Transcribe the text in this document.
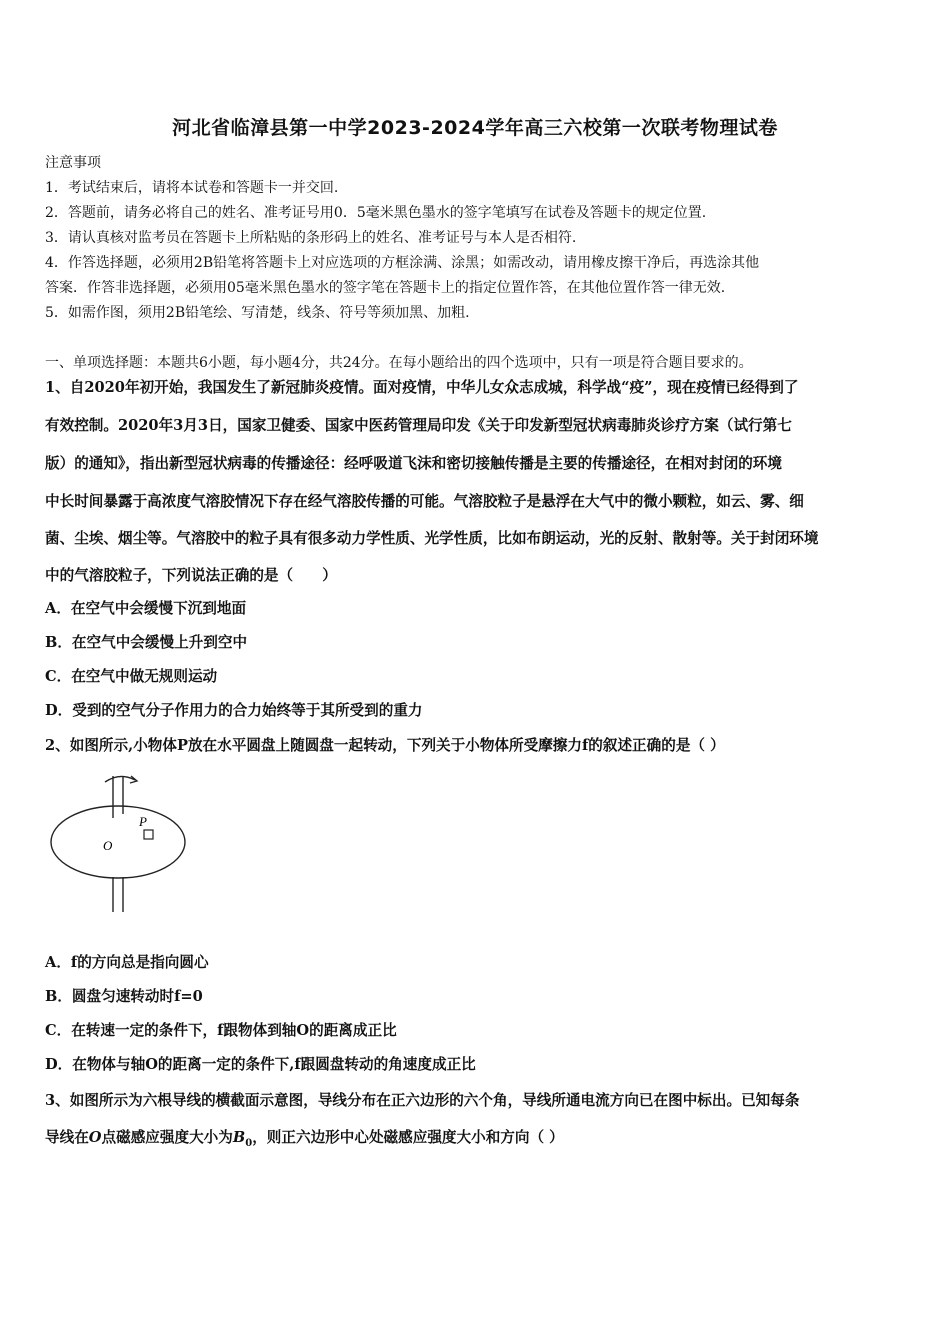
河北省临漳县第一中学2023-2024学年高三六校第一次联考物理试卷
注意事项
1．考试结束后，请将本试卷和答题卡一并交回.
2．答题前，请务必将自己的姓名、准考证号用0．5毫米黑色墨水的签字笔填写在试卷及答题卡的规定位置.
3．请认真核对监考员在答题卡上所粘贴的条形码上的姓名、准考证号与本人是否相符.
4．作答选择题，必须用2B铅笔将答题卡上对应选项的方框涂满、涂黑；如需改动，请用橡皮擦干净后，再选涂其他
答案．作答非选择题，必须用05毫米黑色墨水的签字笔在答题卡上的指定位置作答，在其他位置作答一律无效.
5．如需作图，须用2B铅笔绘、写清楚，线条、符号等须加黑、加粗.
一、单项选择题：本题共6小题，每小题4分，共24分。在每小题给出的四个选项中，只有一项是符合题目要求的。
1、自2020年初开始，我国发生了新冠肺炎疫情。面对疫情，中华儿女众志成城，科学战“疫”，现在疫情已经得到了
有效控制。2020年3月3日，国家卫健委、国家中医药管理局印发《关于印发新型冠状病毒肺炎诊疗方案（试行第七
版）的通知》，指出新型冠状病毒的传播途径：经呼吸道飞沫和密切接触传播是主要的传播途径，在相对封闭的环境
中长时间暴露于高浓度气溶胶情况下存在经气溶胶传播的可能。气溶胶粒子是悬浮在大气中的微小颗粒，如云、雾、细
菌、尘埃、烟尘等。气溶胶中的粒子具有很多动力学性质、光学性质，比如布朗运动，光的反射、散射等。关于封闭环境
中的气溶胶粒子，下列说法正确的是（　　）
A．在空气中会缓慢下沉到地面
B．在空气中会缓慢上升到空中
C．在空气中做无规则运动
D．受到的空气分子作用力的合力始终等于其所受到的重力
2、如图所示,小物体P放在水平圆盘上随圆盘一起转动，下列关于小物体所受摩擦力f的叙述正确的是（ ）
P
O
A．f的方向总是指向圆心
B．圆盘匀速转动时f=0
C．在转速一定的条件下，f跟物体到轴O的距离成正比
D．在物体与轴O的距离一定的条件下,f跟圆盘转动的角速度成正比
3、如图所示为六根导线的横截面示意图，导线分布在正六边形的六个角，导线所通电流方向已在图中标出。已知每条
导线在O点磁感应强度大小为$B_0$，则正六边形中心处磁感应强度大小和方向（ ）
